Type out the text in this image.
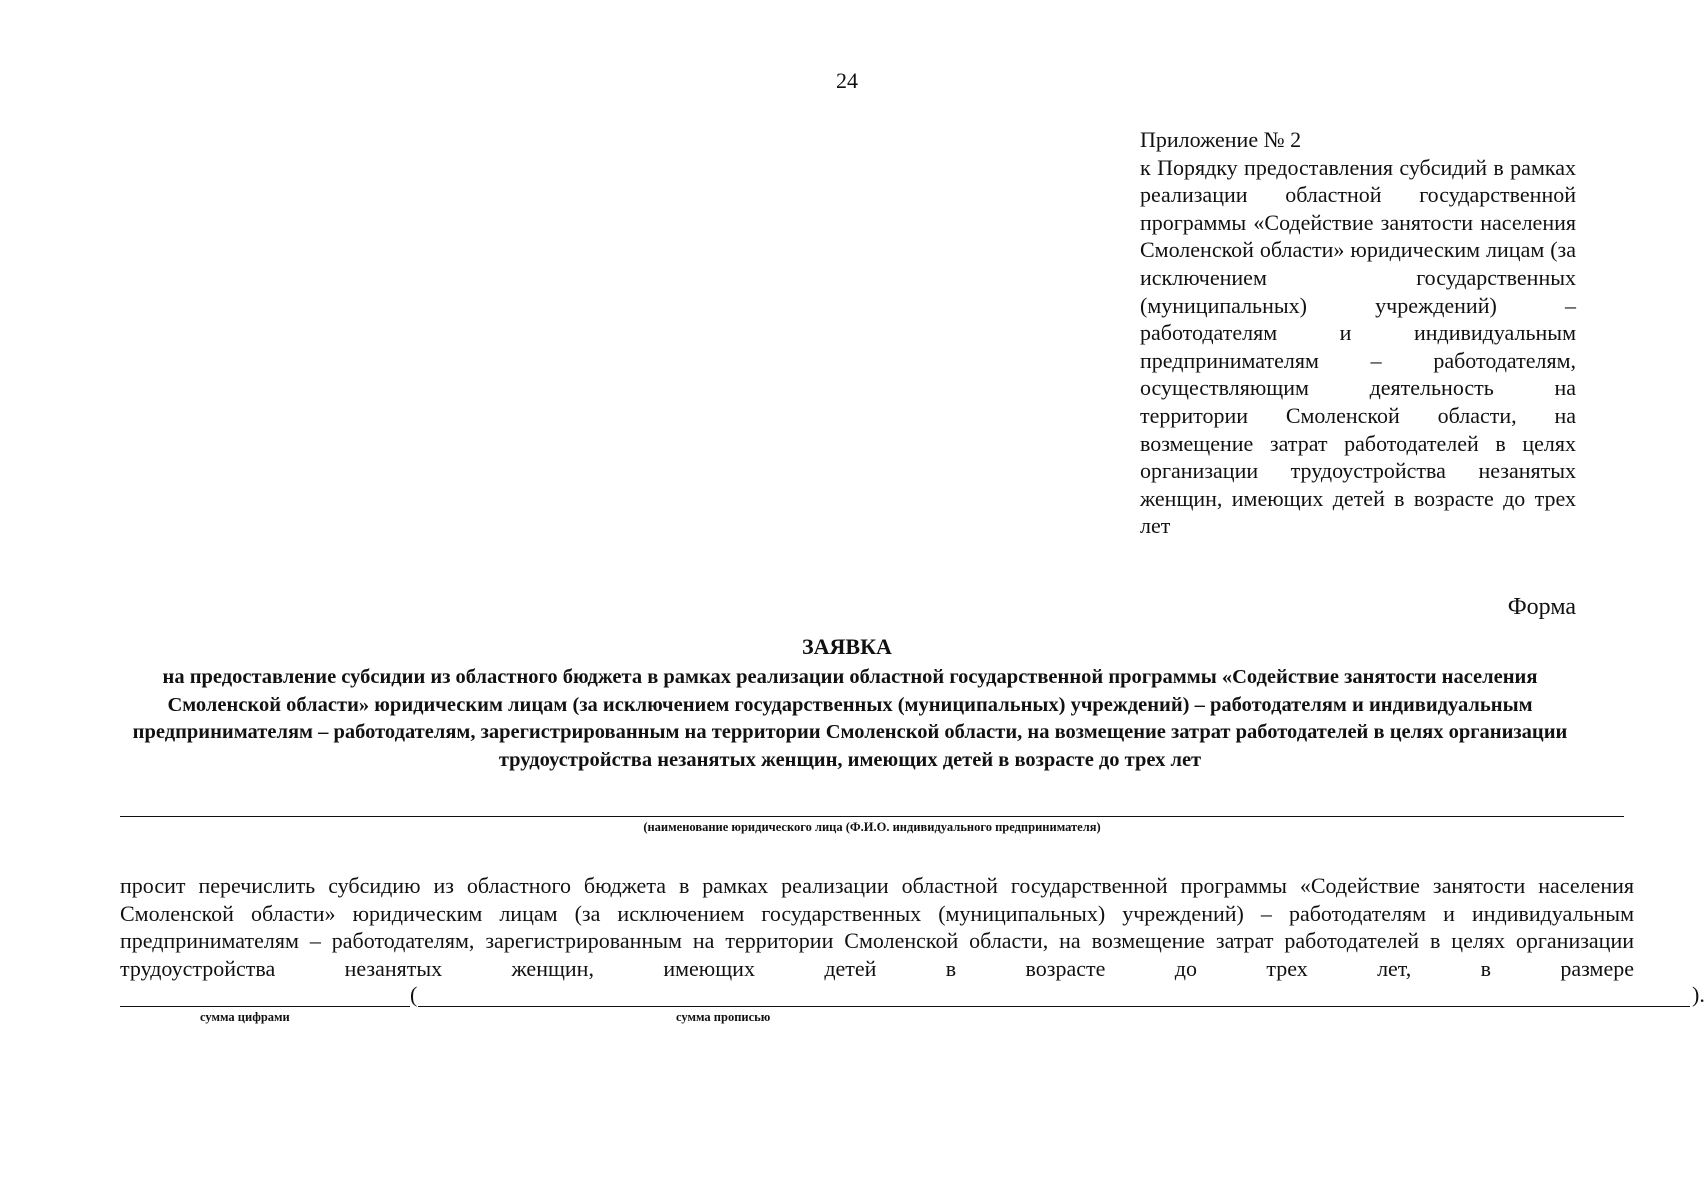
24
Приложение № 2
к Порядку предоставления субсидий в рамках реализации областной государственной программы «Содействие занятости населения Смоленской области» юридическим лицам (за исключением государственных (муниципальных) учреждений) – работодателям и индивидуальным предпринимателям – работодателям, осуществляющим деятельность на территории Смоленской области, на возмещение затрат работодателей в целях организации трудоустройства незанятых женщин, имеющих детей в возрасте до трех лет
Форма
ЗАЯВКА
на предоставление субсидии из областного бюджета в рамках реализации областной государственной программы «Содействие занятости населения Смоленской области» юридическим лицам (за исключением государственных (муниципальных) учреждений) – работодателям и индивидуальным предпринимателям – работодателям, зарегистрированным на территории Смоленской области, на возмещение затрат работодателей в целях организации трудоустройства незанятых женщин, имеющих детей в возрасте до трех лет
(наименование юридического лица (Ф.И.О. индивидуального предпринимателя)
просит перечислить субсидию из областного бюджета в рамках реализации областной государственной программы «Содействие занятости населения Смоленской области» юридическим лицам (за исключением государственных (муниципальных) учреждений) – работодателям и индивидуальным предпринимателям – работодателям, зарегистрированным на территории Смоленской области, на возмещение затрат работодателей в целях организации трудоустройства незанятых женщин, имеющих детей в возрасте до трех лет, в размере
(	).
сумма цифрами	сумма прописью
